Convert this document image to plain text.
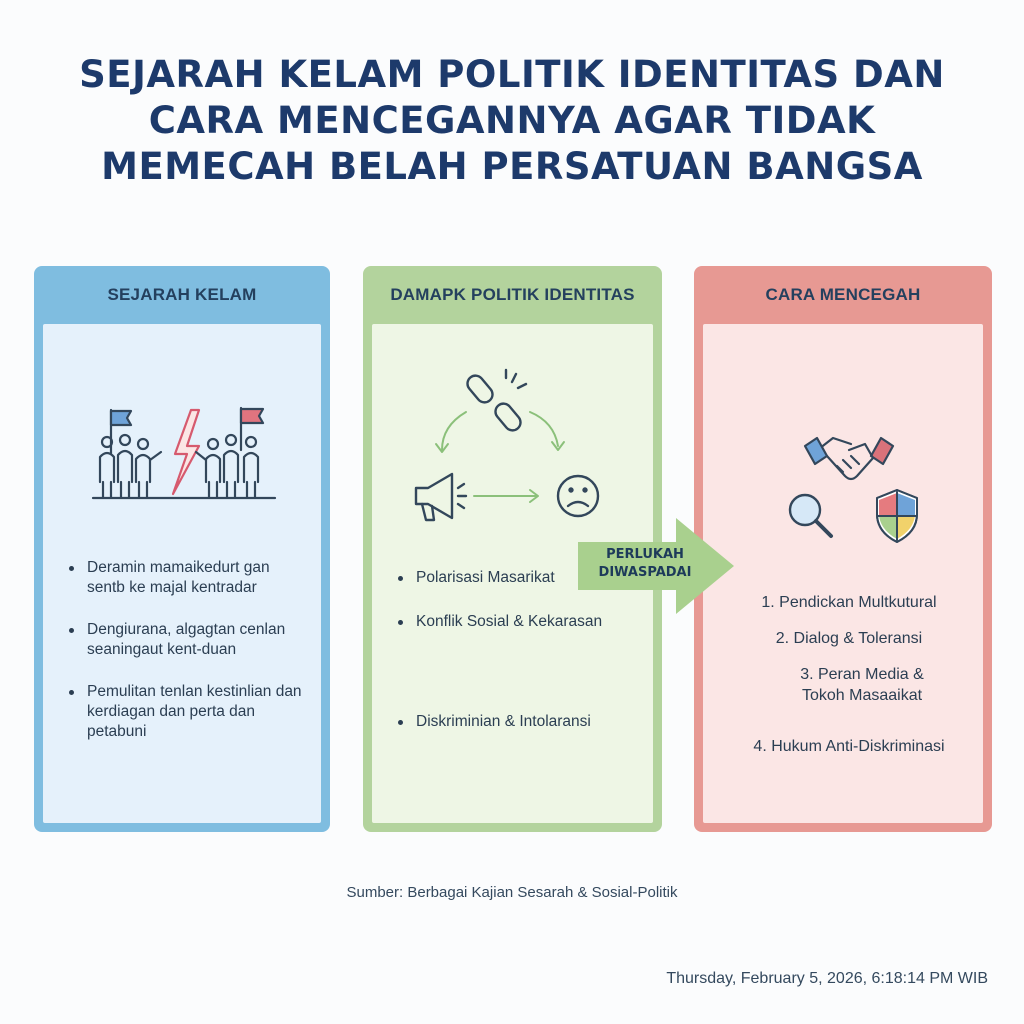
SEJARAH KELAM POLITIK IDENTITAS DAN
CARA MENCEGANNYA AGAR TIDAK
MEMECAH BELAH PERSATUAN BANGSA
SEJARAH KELAM
Deramin mamaikedurt gan sentb ke majal kentradar
Dengiurana, algagtan cenlan seaningaut kent-duan
Pemulitan tenlan kestinlian dan kerdiagan dan perta dan petabuni
DAMAPK POLITIK IDENTITAS
Polarisasi Masarikat
Konflik Sosial & Kekarasan
Diskriminian & Intolaransi
CARA MENCEGAH
1. Pendickan Multkutural
2. Dialog & Toleransi
3. Peran Media & Tokoh Masaaikat
4. Hukum Anti-Diskriminasi
PERLUKAH
DIWASPADAI
Sumber: Berbagai Kajian Sesarah & Sosial-Politik
Thursday, February 5, 2026, 6:18:14 PM WIB
